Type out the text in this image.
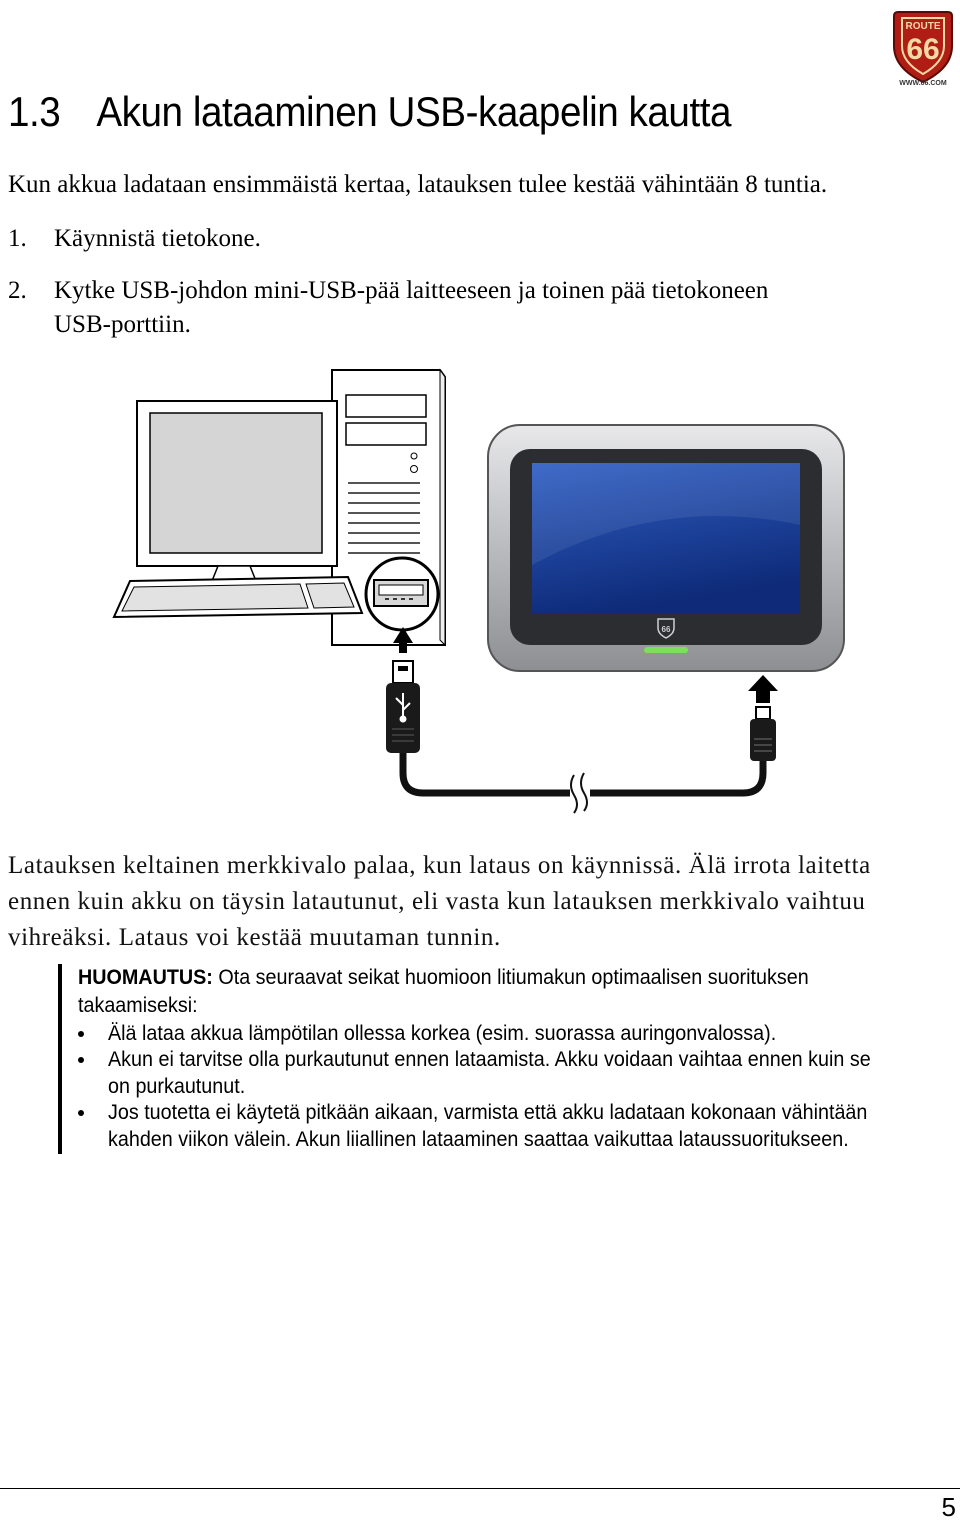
ROUTE
66
WWW.66.COM
1.3 Akun lataaminen USB-kaapelin kautta

Kun akkua ladataan ensimmäistä kertaa, latauksen tulee kestää vähintään 8 tuntia.

1. Käynnistä tietokone.
2. Kytke USB-johdon mini-USB-pää laitteeseen ja toinen pää tietokoneen
USB-porttiin.
66
Latauksen keltainen merkkivalo palaa, kun lataus on käynnissä. Älä irrota laitetta
ennen kuin akku on täysin latautunut, eli vasta kun latauksen merkkivalo vaihtuu
vihreäksi. Lataus voi kestää muutaman tunnin.
HUOMAUTUS: Ota seuraavat seikat huomioon litiumakun optimaalisen suorituksen
takaamiseksi:
Älä lataa akkua lämpötilan ollessa korkea (esim. suorassa auringonvalossa).
Akun ei tarvitse olla purkautunut ennen lataamista. Akku voidaan vaihtaa ennen kuin se
on purkautunut.
Jos tuotetta ei käytetä pitkään aikaan, varmista että akku ladataan kokonaan vähintään
kahden viikon välein. Akun liiallinen lataaminen saattaa vaikuttaa lataussuoritukseen.
5
